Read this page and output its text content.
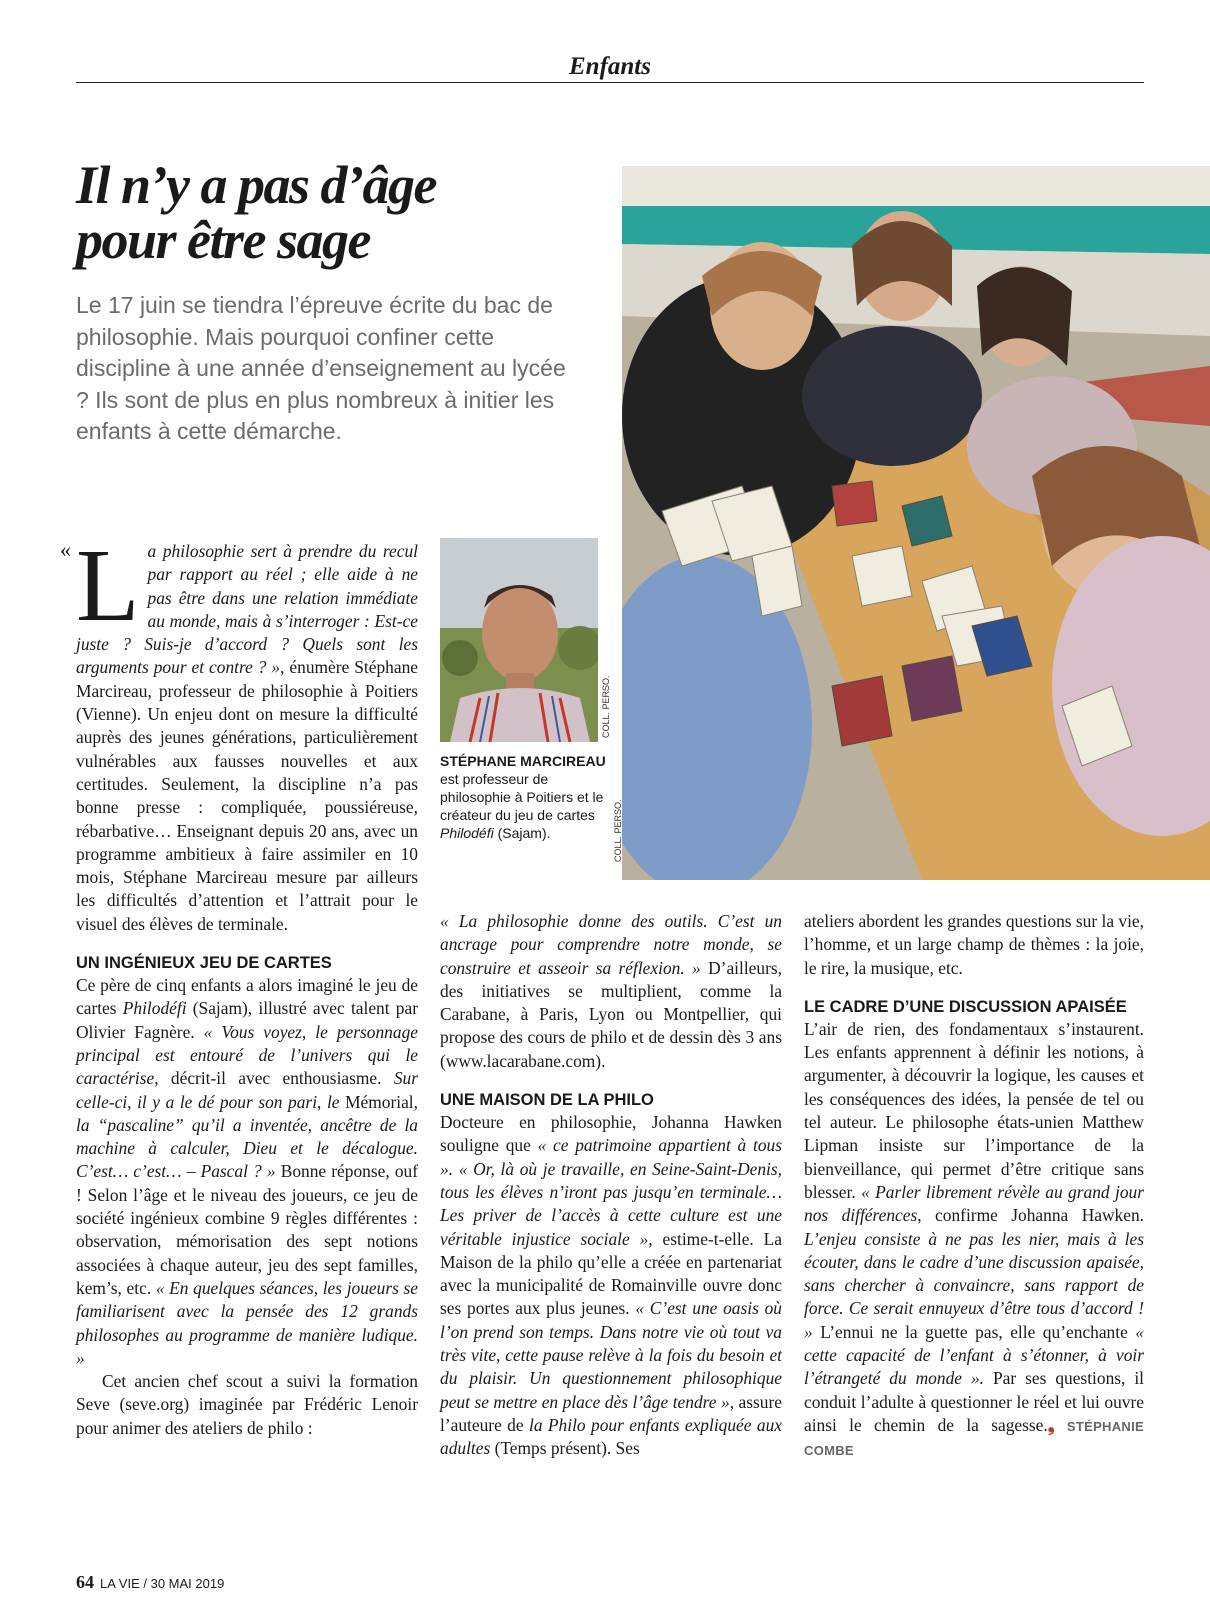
Enfants
Il n’y a pas d’âge
pour être sage
Le 17 juin se tiendra l’épreuve écrite du bac de philosophie. Mais pourquoi confiner cette discipline à une année d’enseignement au lycée ? Ils sont de plus en plus nombreux à initier les enfants à cette démarche.
COLL. PERSO.
COLL. PERSO.
STÉPHANE MARCIREAU est professeur de philosophie à Poitiers et le créateur du jeu de cartes Philodéfi (Sajam).

« L a philosophie sert à prendre du recul par rapport au réel ; elle aide à ne pas être dans une relation immédiate au monde, mais à s’interroger : Est-ce juste ? Suis-je d’accord ? Quels sont les arguments pour et contre ? », énumère Stéphane Marcireau, professeur de philosophie à Poitiers (Vienne). Un enjeu dont on mesure la difficulté auprès des jeunes générations, particulièrement vulnérables aux fausses nouvelles et aux certitudes. Seulement, la discipline n’a pas bonne presse : compliquée, poussiéreuse, rébarbative… Enseignant depuis 20 ans, avec un programme ambitieux à faire assimiler en 10 mois, Stéphane Marcireau mesure par ailleurs les difficultés d’attention et l’attrait pour le visuel des élèves de terminale.

UN INGÉNIEUX JEU DE CARTES

Ce père de cinq enfants a alors imaginé le jeu de cartes Philodéfi (Sajam), illustré avec talent par Olivier Fagnère. « Vous voyez, le personnage principal est entouré de l’univers qui le caractérise, décrit-il avec enthousiasme. Sur celle-ci, il y a le dé pour son pari, le Mémorial, la “pascaline” qu’il a inventée, ancêtre de la machine à calculer, Dieu et le décalogue. C’est… c’est… – Pascal ? » Bonne réponse, ouf ! Selon l’âge et le niveau des joueurs, ce jeu de société ingénieux combine 9 règles différentes : observation, mémorisation des sept notions associées à chaque auteur, jeu des sept familles, kem’s, etc. « En quelques séances, les joueurs se familiarisent avec la pensée des 12 grands philosophes au programme de manière ludique. »

Cet ancien chef scout a suivi la formation Seve (seve.org) imaginée par Frédéric Lenoir pour animer des ateliers de philo :

« La philosophie donne des outils. C’est un ancrage pour comprendre notre monde, se construire et asseoir sa réflexion. » D’ailleurs, des initiatives se multiplient, comme la Carabane, à Paris, Lyon ou Montpellier, qui propose des cours de philo et de dessin dès 3 ans (www.lacarabane.com).

UNE MAISON DE LA PHILO

Docteure en philosophie, Johanna Hawken souligne que « ce patrimoine appartient à tous ». « Or, là où je travaille, en Seine-Saint-Denis, tous les élèves n’iront pas jusqu’en terminale… Les priver de l’accès à cette culture est une véritable injustice sociale », estime-t-elle. La Maison de la philo qu’elle a créée en partenariat avec la municipalité de Romainville ouvre donc ses portes aux plus jeunes. « C’est une oasis où l’on prend son temps. Dans notre vie où tout va très vite, cette pause relève à la fois du besoin et du plaisir. Un questionnement philosophique peut se mettre en place dès l’âge tendre », assure l’auteure de la Philo pour enfants expliquée aux adultes (Temps présent). Ses

ateliers abordent les grandes questions sur la vie, l’homme, et un large champ de thèmes : la joie, le rire, la musique, etc.

LE CADRE D’UNE DISCUSSION APAISÉE

L’air de rien, des fondamentaux s’instaurent. Les enfants apprennent à définir les notions, à argumenter, à découvrir la logique, les causes et les conséquences des idées, la pensée de tel ou tel auteur. Le philosophe états-unien Matthew Lipman insiste sur l’importance de la bienveillance, qui permet d’être critique sans blesser. « Parler librement révèle au grand jour nos différences, confirme Johanna Hawken. L’enjeu consiste à ne pas les nier, mais à les écouter, dans le cadre d’une discussion apaisée, sans chercher à convaincre, sans rapport de force. Ce serait ennuyeux d’être tous d’accord ! » L’ennui ne la guette pas, elle qu’enchante « cette capacité de l’enfant à s’étonner, à voir l’étrangeté du monde ». Par ses questions, il conduit l’adulte à questionner le réel et lui ouvre ainsi le chemin de la sagesse.❟ STÉPHANIE COMBE

64 LA VIE / 30 MAI 2019
